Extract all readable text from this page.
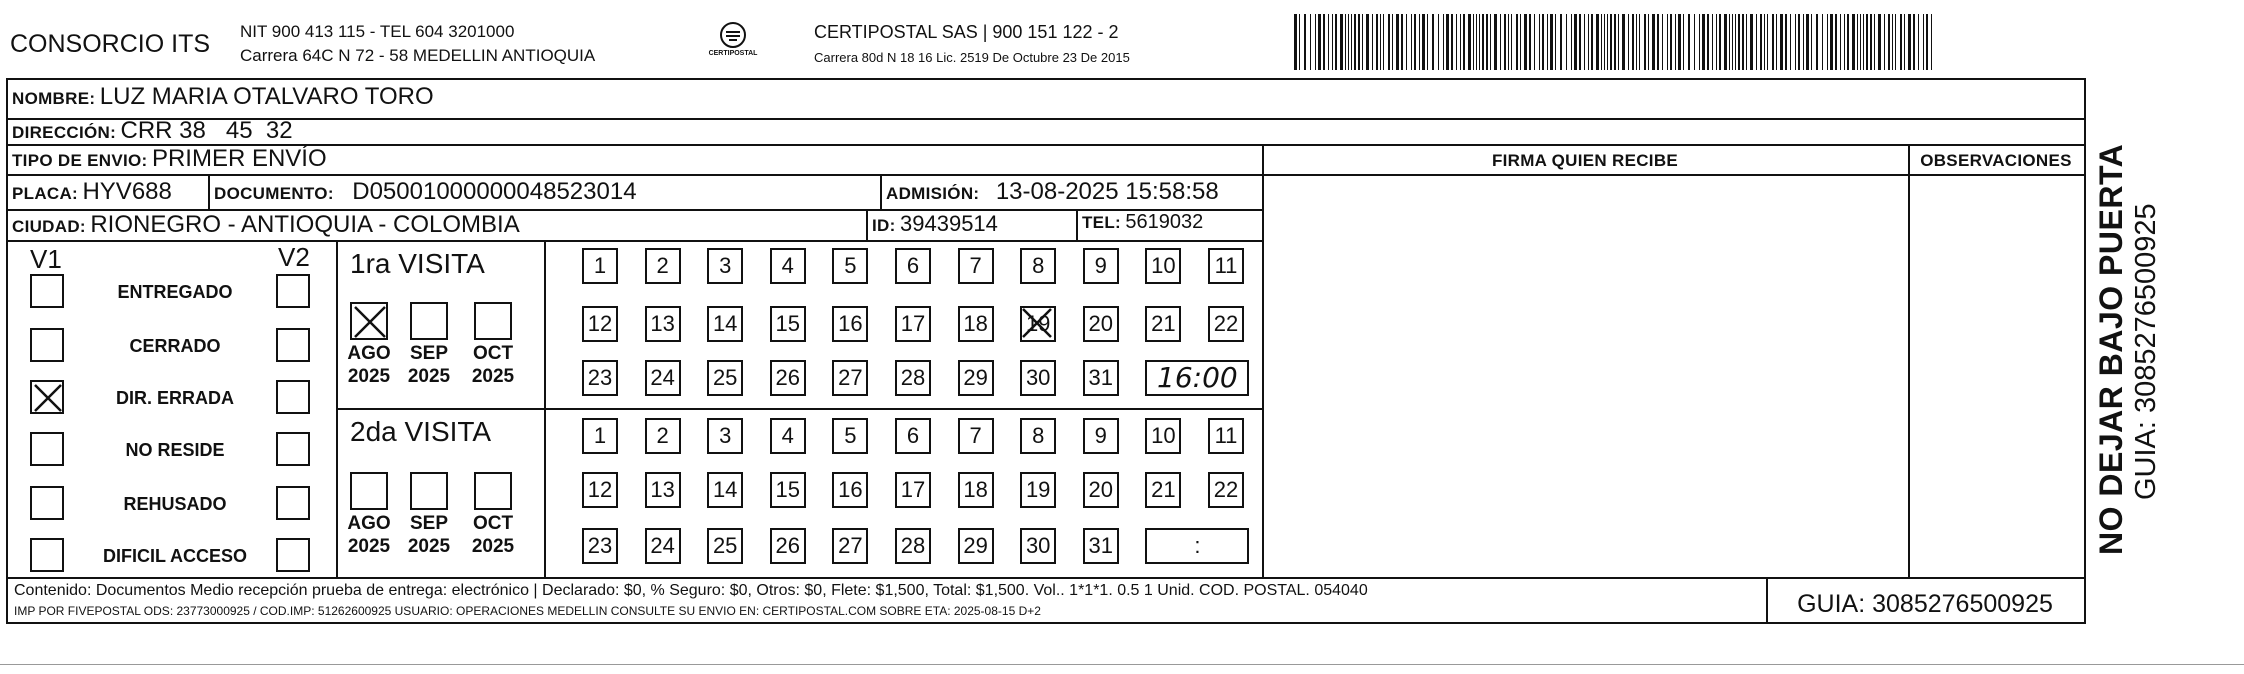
CONSORCIO ITS NIT 900 413 115 - TEL 604 3201000
Carrera 64C N 72 - 58 MEDELLIN ANTIOQUIA	CERTIPOSTAL
CERTIPOSTAL SAS | 900 151 122 - 2
Carrera 80d N 18 16 Lic. 2519 De Octubre 23 De 2015
NOMBRE: LUZ MARIA OTALVARO TORO
DIRECCIÓN: CRR 38   45  32
TIPO DE ENVIO: PRIMER ENVÍO
PLACA: HYV688 DOCUMENTO: D05001000000048523014	ADMISIÓN: 13-08-2025 15:58:58
CIUDAD: RIONEGRO - ANTIOQUIA - COLOMBIA	ID: 39439514	TEL: 5619032
FIRMA QUIEN RECIBE	OBSERVACIONES
V1	V2
ENTREGADO
CERRADO
DIR. ERRADA
NO RESIDE
REHUSADO
DIFICIL ACCESO
1ra VISITA
AGO
2025
SEP
2025
OCT
2025
1	2	3	4	5	6	7	8	9	10 11
12 13 14 15 16 17 18 19 20 21 22
23 24 25 26 27 28 29 30 31	16:00
2da VISITA
AGO
2025
SEP
2025
OCT
2025
1	2	3	4	5	6	7	8	9	10 11
12 13 14 15 16 17 18 19 20 21 22
23 24 25 26 27 28 29 30 31	:
Contenido: Documentos Medio recepción prueba de entrega: electrónico | Declarado: $0, % Seguro: $0, Otros: $0, Flete: $1,500, Total: $1,500. Vol.. 1*1*1. 0.5 1 Unid. COD. POSTAL. 054040
IMP POR FIVEPOSTAL ODS: 23773000925 / COD.IMP: 51262600925 USUARIO: OPERACIONES MEDELLIN CONSULTE SU ENVIO EN: CERTIPOSTAL.COM SOBRE ETA: 2025-08-15 D+2	GUIA: 3085276500925
NO DEJAR BAJO PUERTA GUIA: 3085276500925
